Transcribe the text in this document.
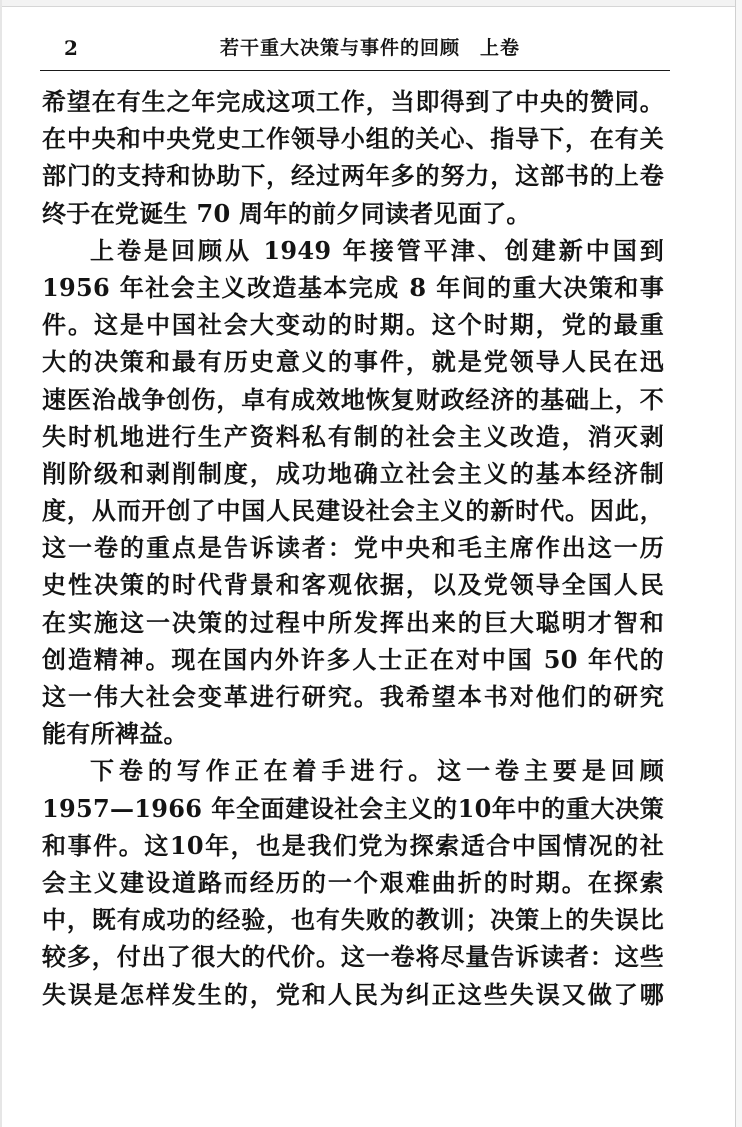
2	若干重大决策与事件的回顾　上卷
希望在有生之年完成这项工作，当即得到了中央的赞同。
在中央和中央党史工作领导小组的关心、指导下，在有关
部门的支持和协助下，经过两年多的努力，这部书的上卷
终于在党诞生 70 周年的前夕同读者见面了。
上卷是回顾从 1949 年接管平津、创建新中国到
1956 年社会主义改造基本完成 8 年间的重大决策和事
件。这是中国社会大变动的时期。这个时期，党的最重
大的决策和最有历史意义的事件，就是党领导人民在迅
速医治战争创伤，卓有成效地恢复财政经济的基础上，不
失时机地进行生产资料私有制的社会主义改造，消灭剥
削阶级和剥削制度，成功地确立社会主义的基本经济制
度，从而开创了中国人民建设社会主义的新时代。因此，
这一卷的重点是告诉读者：党中央和毛主席作出这一历
史性决策的时代背景和客观依据，以及党领导全国人民
在实施这一决策的过程中所发挥出来的巨大聪明才智和
创造精神。现在国内外许多人士正在对中国 50 年代的
这一伟大社会变革进行研究。我希望本书对他们的研究
能有所裨益。
下卷的写作正在着手进行。这一卷主要是回顾
1957—1966 年全面建设社会主义的10年中的重大决策
和事件。这10年，也是我们党为探索适合中国情况的社
会主义建设道路而经历的一个艰难曲折的时期。在探索
中，既有成功的经验，也有失败的教训；决策上的失误比
较多，付出了很大的代价。这一卷将尽量告诉读者：这些
失误是怎样发生的，党和人民为纠正这些失误又做了哪
